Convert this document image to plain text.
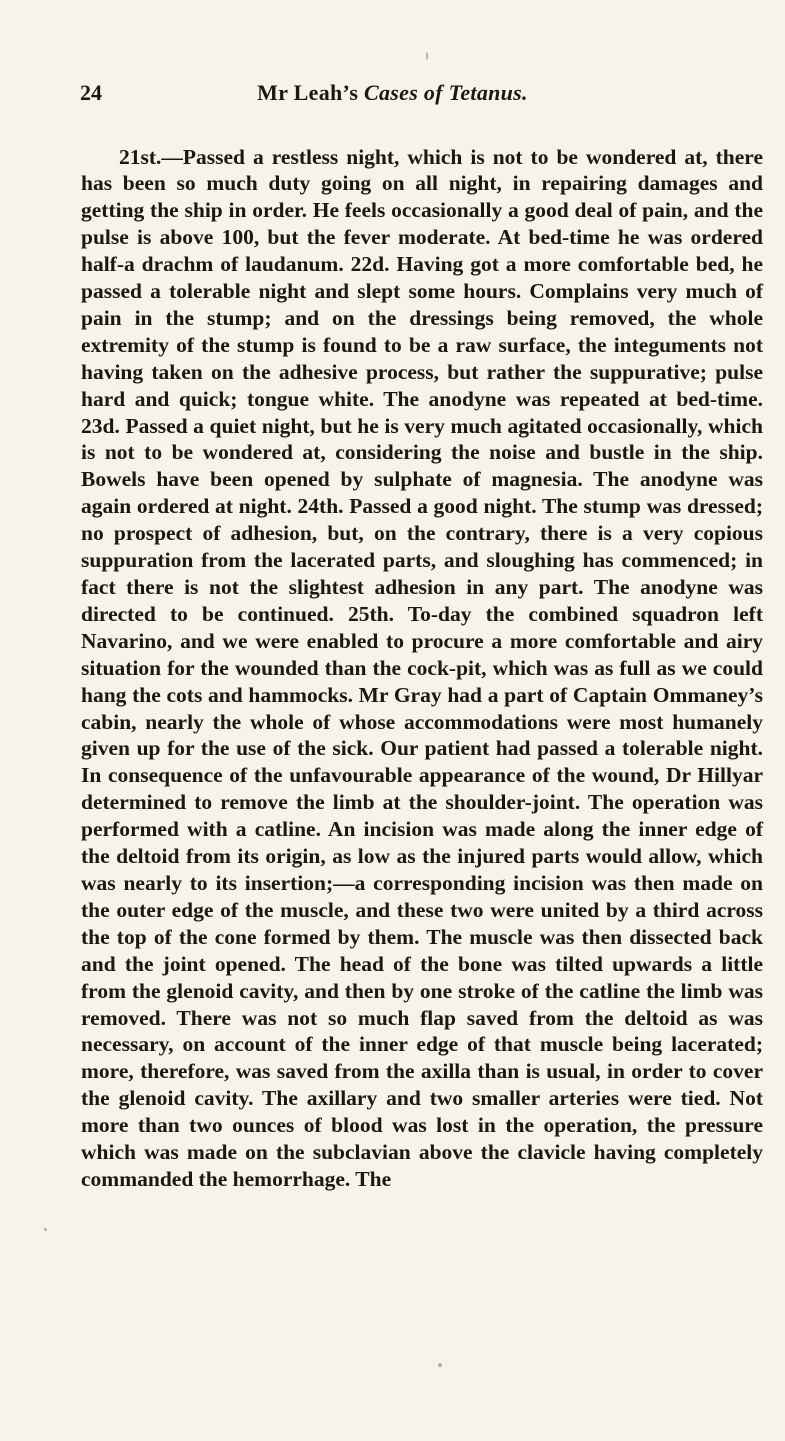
24	Mr Leah’s Cases of Tetanus.

21st.—Passed a restless night, which is not to be wondered at, there has been so much duty going on all night, in repairing damages and getting the ship in order. He feels occasionally a good deal of pain, and the pulse is above 100, but the fever moderate. At bed-time he was ordered half-a drachm of laudanum. 22d. Having got a more comfortable bed, he passed a tolerable night and slept some hours. Complains very much of pain in the stump; and on the dressings being removed, the whole extremity of the stump is found to be a raw surface, the integuments not having taken on the adhesive process, but rather the suppurative; pulse hard and quick; tongue white. The anodyne was repeated at bed-time. 23d. Passed a quiet night, but he is very much agitated occasionally, which is not to be wondered at, considering the noise and bustle in the ship. Bowels have been opened by sulphate of magnesia. The anodyne was again ordered at night. 24th. Passed a good night. The stump was dressed; no prospect of adhesion, but, on the contrary, there is a very copious suppuration from the lacerated parts, and sloughing has commenced; in fact there is not the slightest adhesion in any part. The anodyne was directed to be continued. 25th. To-day the combined squadron left Navarino, and we were enabled to procure a more comfortable and airy situation for the wounded than the cock-pit, which was as full as we could hang the cots and hammocks. Mr Gray had a part of Captain Ommaney’s cabin, nearly the whole of whose accommodations were most humanely given up for the use of the sick. Our patient had passed a tolerable night. In consequence of the unfavourable appearance of the wound, Dr Hillyar determined to remove the limb at the shoulder-joint. The operation was performed with a catline. An incision was made along the inner edge of the deltoid from its origin, as low as the injured parts would allow, which was nearly to its insertion;—a corresponding incision was then made on the outer edge of the muscle, and these two were united by a third across the top of the cone formed by them. The muscle was then dissected back and the joint opened. The head of the bone was tilted upwards a little from the glenoid cavity, and then by one stroke of the catline the limb was removed. There was not so much flap saved from the deltoid as was necessary, on account of the inner edge of that muscle being lacerated; more, therefore, was saved from the axilla than is usual, in order to cover the glenoid cavity. The axillary and two smaller arteries were tied. Not more than two ounces of blood was lost in the operation, the pressure which was made on the subclavian above the clavicle having completely commanded the hemorrhage. The
